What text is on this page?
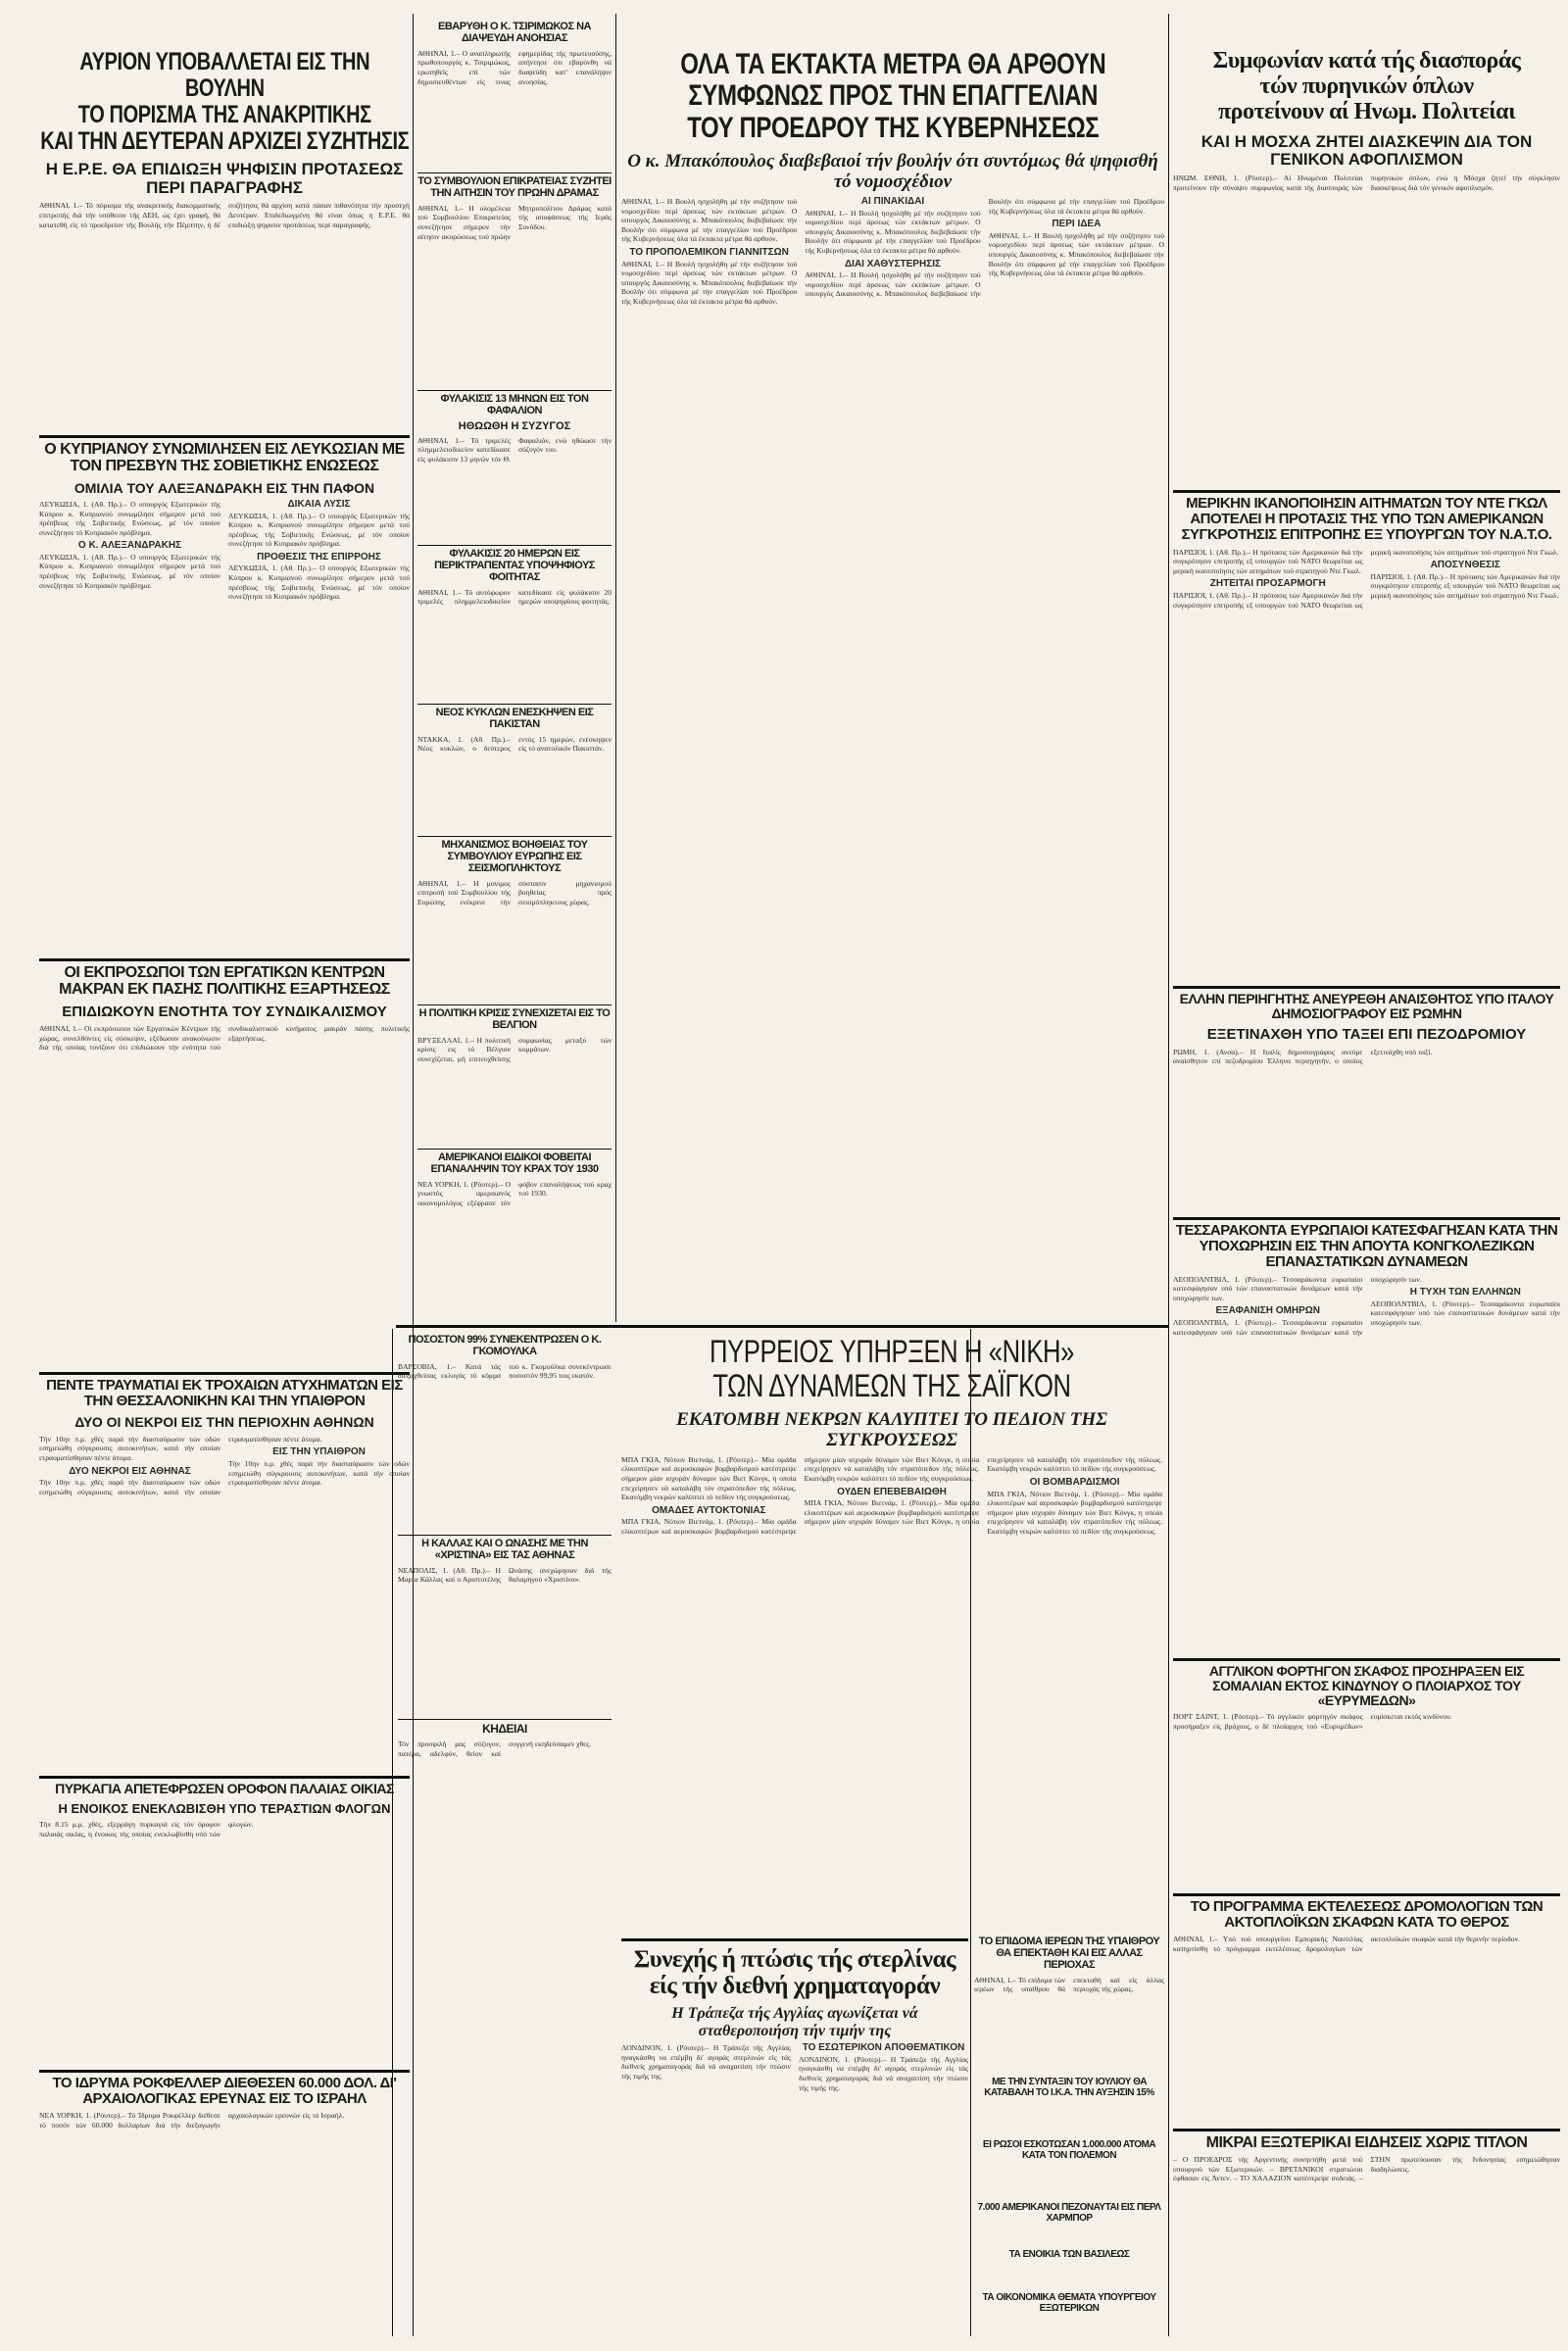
ΑΥΡΙΟΝ ΥΠΟΒΑΛΛΕΤΑΙ ΕΙΣ ΤΗΝ ΒΟΥΛΗΝ
ΤΟ ΠΟΡΙΣΜΑ ΤΗΣ ΑΝΑΚΡΙΤΙΚΗΣ
ΚΑΙ ΤΗΝ ΔΕΥΤΕΡΑΝ ΑΡΧΙΖΕΙ ΣΥΖΗΤΗΣΙΣ
Η Ε.Ρ.Ε. ΘΑ ΕΠΙΔΙΩΞΗ ΨΗΦΙΣΙΝ ΠΡΟΤΑΣΕΩΣ ΠΕΡΙ ΠΑΡΑΓΡΑΦΗΣ
ΑΘΗΝΑΙ, 1.– Τό πόρισμα τής ανακριτικής διακομματικής επιτροπής διά τήν υπόθεσιν τής ΔΕΗ, ώς έχει γραφή, θά κατατεθή είς τό προεδρείον τής Βουλής τήν Πέμπτην, ή δέ συζήτησις θά αρχίση κατά πάσαν πιθανότητα τήν προσεχή Δευτέραν. Επιδεδιωγμένη θά είναι όπως η Ε.Ρ.Ε. θά επιδιώξη ψηφισιν προτάσεως περί παραγραφής.
Ο ΚΥΠΡΙΑΝΟΥ ΣΥΝΩΜΙΛΗΣΕΝ ΕΙΣ ΛΕΥΚΩΣΙΑΝ ΜΕ ΤΟΝ ΠΡΕΣΒΥΝ ΤΗΣ ΣΟΒΙΕΤΙΚΗΣ ΕΝΩΣΕΩΣ
ΟΜΙΛΙΑ ΤΟΥ ΑΛΕΞΑΝΔΡΑΚΗ ΕΙΣ ΤΗΝ ΠΑΦΟΝ
ΛΕΥΚΩΣΙΑ, 1. (Αθ. Πρ.).– Ο υπουργός Εξωτερικών τής Κύπρου κ. Κυπριανού συνωμίλησε σήμερον μετά τού πρέσβεως τής Σοβιετικής Ενώσεως, μέ τόν οποίον συνεζήτησε τό Κυπριακόν πρόβλημα.
Ο Κ. ΑΛΕΞΑΝΔΡΑΚΗΣ
ΛΕΥΚΩΣΙΑ, 1. (Αθ. Πρ.).– Ο υπουργός Εξωτερικών τής Κύπρου κ. Κυπριανού συνωμίλησε σήμερον μετά τού πρέσβεως τής Σοβιετικής Ενώσεως, μέ τόν οποίον συνεζήτησε τό Κυπριακόν πρόβλημα.
ΔΙΚΑΙΑ ΛΥΣΙΣ
ΛΕΥΚΩΣΙΑ, 1. (Αθ. Πρ.).– Ο υπουργός Εξωτερικών τής Κύπρου κ. Κυπριανού συνωμίλησε σήμερον μετά τού πρέσβεως τής Σοβιετικής Ενώσεως, μέ τόν οποίον συνεζήτησε τό Κυπριακόν πρόβλημα.
ΠΡΟΘΕΣΙΣ ΤΗΣ ΕΠΙΡΡΟΗΣ
ΛΕΥΚΩΣΙΑ, 1. (Αθ. Πρ.).– Ο υπουργός Εξωτερικών τής Κύπρου κ. Κυπριανού συνωμίλησε σήμερον μετά τού πρέσβεως τής Σοβιετικής Ενώσεως, μέ τόν οποίον συνεζήτησε τό Κυπριακόν πρόβλημα.
ΟΙ ΕΚΠΡΟΣΩΠΟΙ ΤΩΝ ΕΡΓΑΤΙΚΩΝ ΚΕΝΤΡΩΝ ΜΑΚΡΑΝ ΕΚ ΠΑΣΗΣ ΠΟΛΙΤΙΚΗΣ ΕΞΑΡΤΗΣΕΩΣ
ΕΠΙΔΙΩΚΟΥΝ ΕΝΟΤΗΤΑ ΤΟΥ ΣΥΝΔΙΚΑΛΙΣΜΟΥ
ΑΘΗΝΑΙ, 1.– Οί εκπρόσωποι τών Εργατικών Κέντρων τής χώρας, συνελθόντες είς σύσκεψιν, εξέδωσαν ανακοίνωσιν διά τής οποίας τονίζουν ότι επιδιώκουν τήν ενότητα τού συνδικαλιστικού κινήματος μακράν πάσης πολιτικής εξαρτήσεως.
ΠΕΝΤΕ ΤΡΑΥΜΑΤΙΑΙ ΕΚ ΤΡΟΧΑΙΩΝ ΑΤΥΧΗΜΑΤΩΝ ΕΙΣ ΤΗΝ ΘΕΣΣΑΛΟΝΙΚΗΝ ΚΑΙ ΤΗΝ ΥΠΑΙΘΡΟΝ
ΔΥΟ ΟΙ ΝΕΚΡΟΙ ΕΙΣ ΤΗΝ ΠΕΡΙΟΧΗΝ ΑΘΗΝΩΝ
Τήν 10ην π.μ. χθές παρά τήν διασταύρωσιν τών οδών εσημειώθη σύγκρουσις αυτοκινήτων, κατά τήν οποίαν ετραυματίσθησαν πέντε άτομα.
ΔΥΟ ΝΕΚΡΟΙ ΕΙΣ ΑΘΗΝΑΣ
Τήν 10ην π.μ. χθές παρά τήν διασταύρωσιν τών οδών εσημειώθη σύγκρουσις αυτοκινήτων, κατά τήν οποίαν ετραυματίσθησαν πέντε άτομα.
ΕΙΣ ΤΗΝ ΥΠΑΙΘΡΟΝ
Τήν 10ην π.μ. χθές παρά τήν διασταύρωσιν τών οδών εσημειώθη σύγκρουσις αυτοκινήτων, κατά τήν οποίαν ετραυματίσθησαν πέντε άτομα.
ΠΥΡΚΑΓΙΑ ΑΠΕΤΕΦΡΩΣΕΝ ΟΡΟΦΟΝ ΠΑΛΑΙΑΣ ΟΙΚΙΑΣ
Η ΕΝΟΙΚΟΣ ΕΝΕΚΛΩΒΙΣΘΗ ΥΠΟ ΤΕΡΑΣΤΙΩΝ ΦΛΟΓΩΝ
Τήν 8.15 μ.μ. χθές, εξερράγη πυρκαγιά είς τόν όροφον παλαιάς οικίας, η ένοικος τής οποίας ενεκλωβίσθη υπό τών φλογών.
ΤΟ ΙΔΡΥΜΑ ΡΟΚΦΕΛΛΕΡ ΔΙΕΘΕΣΕΝ 60.000 ΔΟΛ. ΔΙ' ΑΡΧΑΙΟΛΟΓΙΚΑΣ ΕΡΕΥΝΑΣ ΕΙΣ ΤΟ ΙΣΡΑΗΛ
ΝΕΑ ΥΟΡΚΗ, 1. (Ρόυτερ).– Τό Ίδρυμα Ροκφέλλερ διέθεσε τό ποσόν τών 60.000 δολλαρίων διά τήν διεξαγωγήν αρχαιολογικών ερευνών είς τό Ισραήλ.
ΕΒΑΡΥΘΗ Ο Κ. ΤΣΙΡΙΜΩΚΟΣ ΝΑ ΔΙΑΨΕΥΔΗ ΑΝΟΗΣΙΑΣ
ΑΘΗΝΑΙ, 1.– Ο αναπληρωτής πρωθυπουργός κ. Τσιριμώκος, ερωτηθείς επί τών δημοσιευθέντων είς τινας εφημερίδας τής πρωτευούσης, απήντησε ότι εβαρύνθη νά διαψεύδη κατ' επανάληψιν ανοησίας.
ΤΟ ΣΥΜΒΟΥΛΙΟΝ ΕΠΙΚΡΑΤΕΙΑΣ ΣΥΖΗΤΕΙ ΤΗΝ ΑΙΤΗΣΙΝ ΤΟΥ ΠΡΩΗΝ ΔΡΑΜΑΣ
ΑΘΗΝΑΙ, 1.– Η ολομέλεια τού Συμβουλίου Επικρατείας συνεζήτησε σήμερον τήν αίτησιν ακυρώσεως τού πρώην Μητροπολίτου Δράμας κατά τής αποφάσεως τής Ιεράς Συνόδου.
ΦΥΛΑΚΙΣΙΣ 13 ΜΗΝΩΝ ΕΙΣ ΤΟΝ ΦΑΦΑΛΙΟΝ
ΗΘΩΩΘΗ Η ΣΥΖΥΓΟΣ
ΑΘΗΝΑΙ, 1.– Τό τριμελές πλημμελειοδικείον κατεδίκασε είς φυλάκισιν 13 μηνών τόν Θ. Φαφαλιόν, ενώ ηθώωσε τήν σύζυγόν του.
ΦΥΛΑΚΙΣΙΣ 20 ΗΜΕΡΩΝ ΕΙΣ ΠΕΡΙΚΤΡΑΠΕΝΤΑΣ ΥΠΟΨΗΦΙΟΥΣ ΦΟΙΤΗΤΑΣ
ΑΘΗΝΑΙ, 1.– Τό αυτόφωρον τριμελές πλημμελειοδικείον κατεδίκασε είς φυλάκισιν 20 ημερών υποψηφίους φοιτητάς.
ΝΕΟΣ ΚΥΚΛΩΝ ΕΝΕΣΚΗΨΕΝ ΕΙΣ ΠΑΚΙΣΤΑΝ
ΝΤΑΚΚΑ, 1. (Αθ. Πρ.).– Νέος κυκλών, ο δεύτερος εντός 15 ημερών, ενέσκηψεν είς τό ανατολικόν Πακιστάν.
ΜΗΧΑΝΙΣΜΟΣ ΒΟΗΘΕΙΑΣ ΤΟΥ ΣΥΜΒΟΥΛΙΟΥ ΕΥΡΩΠΗΣ ΕΙΣ ΣΕΙΣΜΟΠΛΗΚΤΟΥΣ
ΑΘΗΝΑΙ, 1.– Η μονιμος επιτροπή τού Συμβουλίου τής Ευρώπης ενέκρινε τήν σύστασιν μηχανισμού βοηθείας πρός σεισμόπληκτους χώρας.
Η ΠΟΛΙΤΙΚΗ ΚΡΙΣΙΣ ΣΥΝΕΧΙΖΕΤΑΙ ΕΙΣ ΤΟ ΒΕΛΓΙΟΝ
ΒΡΥΞΕΛΛΑΙ, 1.– Η πολιτική κρίσις εις τό Βέλγιον συνεχίζεται, μή επιτευχθείσης συμφωνίας μεταξύ τών κομμάτων.
ΑΜΕΡΙΚΑΝΟΙ ΕΙΔΙΚΟΙ ΦΟΒΕΙΤΑΙ ΕΠΑΝΑΛΗΨΙΝ ΤΟΥ ΚΡΑΧ ΤΟΥ 1930
ΝΕΑ ΥΟΡΚΗ, 1. (Ρόυτερ).– Ο γνωστός αμερικανός οικονομολόγος εξέφρασε τόν φόβον επαναλήψεως τού κραχ τού 1930.
ΠΟΣΟΣΤΟΝ 99% ΣΥΝΕΚΕΝΤΡΩΣΕΝ Ο Κ. ΓΚΟΜΟΥΛΚΑ
ΒΑΡΣΟΒΙΑ, 1.– Κατά τάς διεξαχθείσας εκλογάς τό κόμμα τού κ. Γκομούλκα συνεκέντρωσε ποσοστόν 99,95 τοις εκατόν.
Η ΚΑΛΛΑΣ ΚΑΙ Ο ΩΝΑΣΗΣ ΜΕ ΤΗΝ «ΧΡΙΣΤΙΝΑ» ΕΙΣ ΤΑΣ ΑΘΗΝΑΣ
ΝΕΑΠΟΛΙΣ, 1. (Αθ. Πρ.).– Η Μαρία Κάλλας καί ο Αριστοτέλης Ωνάσης ανεχώρησαν διά τής θαλαμηγού «Χριστίνα».
ΚΗΔΕΙΑΙ
Τόν προσφιλή μας σύζυγον, πατέρα, αδελφόν, θείον καί συγγενή εκηδεύσαμεν χθες.
ΟΛΑ ΤΑ ΕΚΤΑΚΤΑ ΜΕΤΡΑ ΘΑ ΑΡΘΟΥΝ
ΣΥΜΦΩΝΩΣ ΠΡΟΣ ΤΗΝ ΕΠΑΓΓΕΛΙΑΝ
ΤΟΥ ΠΡΟΕΔΡΟΥ ΤΗΣ ΚΥΒΕΡΝΗΣΕΩΣ
Ο κ. Μπακόπουλος διαβεβαιοί τήν βουλήν ότι συντόμως θά ψηφισθή τό νομοσχέδιον
ΑΘΗΝΑΙ, 1.– Η Βουλή ησχολήθη μέ τήν συζήτησιν τού νομοσχεδίου περί άρσεως τών εκτάκτων μέτρων. Ο υπουργός Δικαιοσύνης κ. Μπακόπουλος διεβεβαίωσε τήν Βουλήν ότι σύμφωνα μέ τήν επαγγελίαν τού Προέδρου τής Κυβερνήσεως όλα τά έκτακτα μέτρα θά αρθούν.
ΤΟ ΠΡΟΠΟΛΕΜΙΚΟΝ ΓΙΑΝΝΙΤΣΩΝ
ΑΘΗΝΑΙ, 1.– Η Βουλή ησχολήθη μέ τήν συζήτησιν τού νομοσχεδίου περί άρσεως τών εκτάκτων μέτρων. Ο υπουργός Δικαιοσύνης κ. Μπακόπουλος διεβεβαίωσε τήν Βουλήν ότι σύμφωνα μέ τήν επαγγελίαν τού Προέδρου τής Κυβερνήσεως όλα τά έκτακτα μέτρα θά αρθούν.
ΑΙ ΠΙΝΑΚΙΔΑΙ
ΑΘΗΝΑΙ, 1.– Η Βουλή ησχολήθη μέ τήν συζήτησιν τού νομοσχεδίου περί άρσεως τών εκτάκτων μέτρων. Ο υπουργός Δικαιοσύνης κ. Μπακόπουλος διεβεβαίωσε τήν Βουλήν ότι σύμφωνα μέ τήν επαγγελίαν τού Προέδρου τής Κυβερνήσεως όλα τά έκτακτα μέτρα θά αρθούν.
ΔΙΑΙ ΧΑΘΥΣΤΕΡΗΣΙΣ
ΑΘΗΝΑΙ, 1.– Η Βουλή ησχολήθη μέ τήν συζήτησιν τού νομοσχεδίου περί άρσεως τών εκτάκτων μέτρων. Ο υπουργός Δικαιοσύνης κ. Μπακόπουλος διεβεβαίωσε τήν Βουλήν ότι σύμφωνα μέ τήν επαγγελίαν τού Προέδρου τής Κυβερνήσεως όλα τά έκτακτα μέτρα θά αρθούν.
ΠΕΡΙ ΙΔΕΑ
ΑΘΗΝΑΙ, 1.– Η Βουλή ησχολήθη μέ τήν συζήτησιν τού νομοσχεδίου περί άρσεως τών εκτάκτων μέτρων. Ο υπουργός Δικαιοσύνης κ. Μπακόπουλος διεβεβαίωσε τήν Βουλήν ότι σύμφωνα μέ τήν επαγγελίαν τού Προέδρου τής Κυβερνήσεως όλα τά έκτακτα μέτρα θά αρθούν.
ΠΥΡΡΕΙΟΣ ΥΠΗΡΞΕΝ Η «ΝΙΚΗ»
ΤΩΝ ΔΥΝΑΜΕΩΝ ΤΗΣ ΣΑΪΓΚΟΝ
ΕΚΑΤΟΜΒΗ ΝΕΚΡΩΝ ΚΑΛΥΠΤΕΙ ΤΟ ΠΕΔΙΟΝ ΤΗΣ ΣΥΓΚΡΟΥΣΕΩΣ
ΜΠΑ ΓΚΙΑ, Νότιον Βιετνάμ, 1. (Ρόυτερ).– Μία ομάδα ελικοπτέρων καί αεροσκαφών βομβαρδισμού κατέστρεψε σήμερον μίαν ισχυράν δύναμιν τών Βιετ Κόνγκ, η οποία επεχείρησεν νά καταλάβη τόν στρατόπεδον τής πόλεως. Εκατόμβη νεκρών καλύπτει τό πεδίον τής συγκρούσεως.
ΟΜΑΔΕΣ ΑΥΤΟΚΤΟΝΙΑΣ
ΜΠΑ ΓΚΙΑ, Νότιον Βιετνάμ, 1. (Ρόυτερ).– Μία ομάδα ελικοπτέρων καί αεροσκαφών βομβαρδισμού κατέστρεψε σήμερον μίαν ισχυράν δύναμιν τών Βιετ Κόνγκ, η οποία επεχείρησεν νά καταλάβη τόν στρατόπεδον τής πόλεως. Εκατόμβη νεκρών καλύπτει τό πεδίον τής συγκρούσεως.
ΟΥΔΕΝ ΕΠΕΒΕΒΑΙΩΘΗ
ΜΠΑ ΓΚΙΑ, Νότιον Βιετνάμ, 1. (Ρόυτερ).– Μία ομάδα ελικοπτέρων καί αεροσκαφών βομβαρδισμού κατέστρεψε σήμερον μίαν ισχυράν δύναμιν τών Βιετ Κόνγκ, η οποία επεχείρησεν νά καταλάβη τόν στρατόπεδον τής πόλεως. Εκατόμβη νεκρών καλύπτει τό πεδίον τής συγκρούσεως.
ΟΙ ΒΟΜΒΑΡΔΙΣΜΟΙ
ΜΠΑ ΓΚΙΑ, Νότιον Βιετνάμ, 1. (Ρόυτερ).– Μία ομάδα ελικοπτέρων καί αεροσκαφών βομβαρδισμού κατέστρεψε σήμερον μίαν ισχυράν δύναμιν τών Βιετ Κόνγκ, η οποία επεχείρησεν νά καταλάβη τόν στρατόπεδον τής πόλεως. Εκατόμβη νεκρών καλύπτει τό πεδίον τής συγκρούσεως.
Συνεχής ή πτώσις τής στερλίνας
είς τήν διεθνή χρηματαγοράν
Η Τράπεζα τής Αγγλίας αγωνίζεται νά σταθεροποιήση τήν τιμήν της
ΛΟΝΔΙΝΟΝ, 1. (Ρόυτερ).– Η Τράπεζα τής Αγγλίας ηναγκάσθη να επέμβη δι' αγοράς στερλινών είς τάς διεθνείς χρηματαγοράς διά νά αναχαιτίση τήν πτώσιν τής τιμής της.
ΤΟ ΕΣΩΤΕΡΙΚΟΝ ΑΠΟΘΕΜΑΤΙΚΟΝ
ΛΟΝΔΙΝΟΝ, 1. (Ρόυτερ).– Η Τράπεζα τής Αγγλίας ηναγκάσθη να επέμβη δι' αγοράς στερλινών είς τάς διεθνείς χρηματαγοράς διά νά αναχαιτίση τήν πτώσιν τής τιμής της.
ΤΟ ΕΠΙΔΟΜΑ ΙΕΡΕΩΝ ΤΗΣ ΥΠΑΙΘΡΟΥ ΘΑ ΕΠΕΚΤΑΘΗ ΚΑΙ ΕΙΣ ΑΛΛΑΣ ΠΕΡΙΟΧΑΣ
ΑΘΗΝΑΙ, 1.– Τό επίδομα τών ιερέων τής υπαίθρου θά επεκταθή καί είς άλλας περιοχάς τής χώρας.
Συμφωνίαν κατά τής διασποράς
τών πυρηνικών όπλων
προτείνουν αί Ηνωμ. Πολιτείαι
ΚΑΙ Η ΜΟΣΧΑ ΖΗΤΕΙ ΔΙΑΣΚΕΨΙΝ ΔΙΑ ΤΟΝ ΓΕΝΙΚΟΝ ΑΦΟΠΛΙΣΜΟΝ
ΗΝΩΜ. ΕΘΝΗ, 1. (Ρόυτερ).– Αί Ηνωμέναι Πολιτείαι προτείνουν τήν σύναψιν συμφωνίας κατά τής διασποράς τών πυρηνικών όπλων, ενώ η Μόσχα ζητεί τήν σύγκλησιν διασκέψεως διά τόν γενικόν αφοπλισμόν.
ΜΕΡΙΚΗΝ ΙΚΑΝΟΠΟΙΗΣΙΝ ΑΙΤΗΜΑΤΩΝ ΤΟΥ ΝΤΕ ΓΚΩΛ ΑΠΟΤΕΛΕΙ Η ΠΡΟΤΑΣΙΣ ΤΗΣ ΥΠΟ ΤΩΝ ΑΜΕΡΙΚΑΝΩΝ ΣΥΓΚΡΟΤΗΣΙΣ ΕΠΙΤΡΟΠΗΣ ΕΞ ΥΠΟΥΡΓΩΝ ΤΟΥ Ν.Α.Τ.Ο.
ΠΑΡΙΣΙΟΙ, 1. (Αθ. Πρ.).– Η πρότασις τών Αμερικανών διά τήν συγκρότησιν επιτροπής εξ υπουργών τού ΝΑΤΟ θεωρείται ως μερική ικανοποίησις τών αιτημάτων τού στρατηγού Ντε Γκωλ.
ΖΗΤΕΙΤΑΙ ΠΡΟΣΑΡΜΟΓΗ
ΠΑΡΙΣΙΟΙ, 1. (Αθ. Πρ.).– Η πρότασις τών Αμερικανών διά τήν συγκρότησιν επιτροπής εξ υπουργών τού ΝΑΤΟ θεωρείται ως μερική ικανοποίησις τών αιτημάτων τού στρατηγού Ντε Γκωλ.
ΑΠΟΣΥΝΘΕΣΙΣ
ΠΑΡΙΣΙΟΙ, 1. (Αθ. Πρ.).– Η πρότασις τών Αμερικανών διά τήν συγκρότησιν επιτροπής εξ υπουργών τού ΝΑΤΟ θεωρείται ως μερική ικανοποίησις τών αιτημάτων τού στρατηγού Ντε Γκωλ.
ΕΛΛΗΝ ΠΕΡΙΗΓΗΤΗΣ ΑΝΕΥΡΕΘΗ ΑΝΑΙΣΘΗΤΟΣ ΥΠΟ ΙΤΑΛΟΥ ΔΗΜΟΣΙΟΓΡΑΦΟΥ ΕΙΣ ΡΩΜΗΝ
ΕΞΕΤΙΝΑΧΘΗ ΥΠΟ ΤΑΞΕΙ ΕΠΙ ΠΕΖΟΔΡΟΜΙΟΥ
ΡΩΜΗ, 1. (Ανσα).– Η Ιταλίς δημοσιογράφος ανεύρε αναίσθητον επί πεζοδρομίου Έλληνα περιηγητήν, ο οποίος εξετινάχθη υπό ταξί.
ΤΕΣΣΑΡΑΚΟΝΤΑ ΕΥΡΩΠΑΙΟΙ ΚΑΤΕΣΦΑΓΗΣΑΝ ΚΑΤΑ ΤΗΝ ΥΠΟΧΩΡΗΣΙΝ ΕΙΣ ΤΗΝ ΑΠΟΥΤΑ ΚΟΝΓΚΟΛΕΖΙΚΩΝ ΕΠΑΝΑΣΤΑΤΙΚΩΝ ΔΥΝΑΜΕΩΝ
ΛΕΟΠΟΛΝΤΒΙΛ, 1. (Ρόυτερ).– Τεσσαράκοντα ευρωπαίοι κατεσφάγησαν υπό τών επαναστατικών δυνάμεων κατά τήν υποχώρησίν των.
ΕΞΑΦΑΝΙΣΗ ΟΜΗΡΩΝ
ΛΕΟΠΟΛΝΤΒΙΛ, 1. (Ρόυτερ).– Τεσσαράκοντα ευρωπαίοι κατεσφάγησαν υπό τών επαναστατικών δυνάμεων κατά τήν υποχώρησίν των.
Η ΤΥΧΗ ΤΩΝ ΕΛΛΗΝΩΝ
ΛΕΟΠΟΛΝΤΒΙΛ, 1. (Ρόυτερ).– Τεσσαράκοντα ευρωπαίοι κατεσφάγησαν υπό τών επαναστατικών δυνάμεων κατά τήν υποχώρησίν των.
ΑΓΓΛΙΚΟΝ ΦΟΡΤΗΓΟΝ ΣΚΑΦΟΣ ΠΡΟΣΗΡΑΞΕΝ ΕΙΣ ΣΟΜΑΛΙΑΝ ΕΚΤΟΣ ΚΙΝΔΥΝΟΥ Ο ΠΛΟΙΑΡΧΟΣ ΤΟΥ «ΕΥΡΥΜΕΔΩΝ»
ΠΟΡΤ ΣΑΙΝΤ, 1. (Ρόυτερ).– Τό αγγλικόν φορτηγόν σκάφος προσήραξεν είς βράχους, ο δέ πλοίαρχος τού «Ευρυμέδων» ευρίσκεται εκτός κινδύνου.
ΤΟ ΠΡΟΓΡΑΜΜΑ ΕΚΤΕΛΕΣΕΩΣ ΔΡΟΜΟΛΟΓΙΩΝ ΤΩΝ ΑΚΤΟΠΛΟΪΚΩΝ ΣΚΑΦΩΝ ΚΑΤΑ ΤΟ ΘΕΡΟΣ
ΑΘΗΝΑΙ, 1.– Υπό τού υπουργείου Εμπορικής Ναυτιλίας κατηρτίσθη τό πρόγραμμα εκτελέσεως δρομολογίων τών ακτοπλοϊκών σκαφών κατά τήν θερινήν περίοδον.
ΜΙΚΡΑΙ ΕΞΩΤΕΡΙΚΑΙ ΕΙΔΗΣΕΙΣ ΧΩΡΙΣ ΤΙΤΛΟΝ
– Ο ΠΡΟΕΔΡΟΣ τής Αργεντινής συνηντήθη μετά τού υπουργού τών Εξωτερικών. – ΒΡΕΤΑΝΙΚΟΙ στρατιώται έφθασαν είς Άντεν. – ΤΟ ΧΑΛΑΖΙΟΝ κατέστρεψε σοδειάς. – ΣΤΗΝ πρωτεύουσαν τής Ινδονησίας εσημειώθησαν διαδηλώσεις.
ΜΕ ΤΗΝ ΣΥΝΤΑΞΙΝ ΤΟΥ ΙΟΥΛΙΟΥ ΘΑ ΚΑΤΑΒΑΛΗ ΤΟ Ι.Κ.Α. ΤΗΝ ΑΥΞΗΣΙΝ 15%
ΕΙ ΡΩΣΟΙ ΕΣΚΟΤΩΣΑΝ 1.000.000 ΑΤΟΜΑ ΚΑΤΑ ΤΟΝ ΠΟΛΕΜΟΝ
7.000 ΑΜΕΡΙΚΑΝΟΙ ΠΕΖΟΝΑΥΤΑΙ ΕΙΣ ΠΕΡΛ ΧΑΡΜΠΟΡ
ΤΑ ΕΝΟΙΚΙΑ ΤΩΝ ΒΑΣΙΛΕΩΣ
ΤΑ ΟΙΚΟΝΟΜΙΚΑ ΘΕΜΑΤΑ ΥΠΟΥΡΓΕΙΟΥ ΕΞΩΤΕΡΙΚΩΝ
